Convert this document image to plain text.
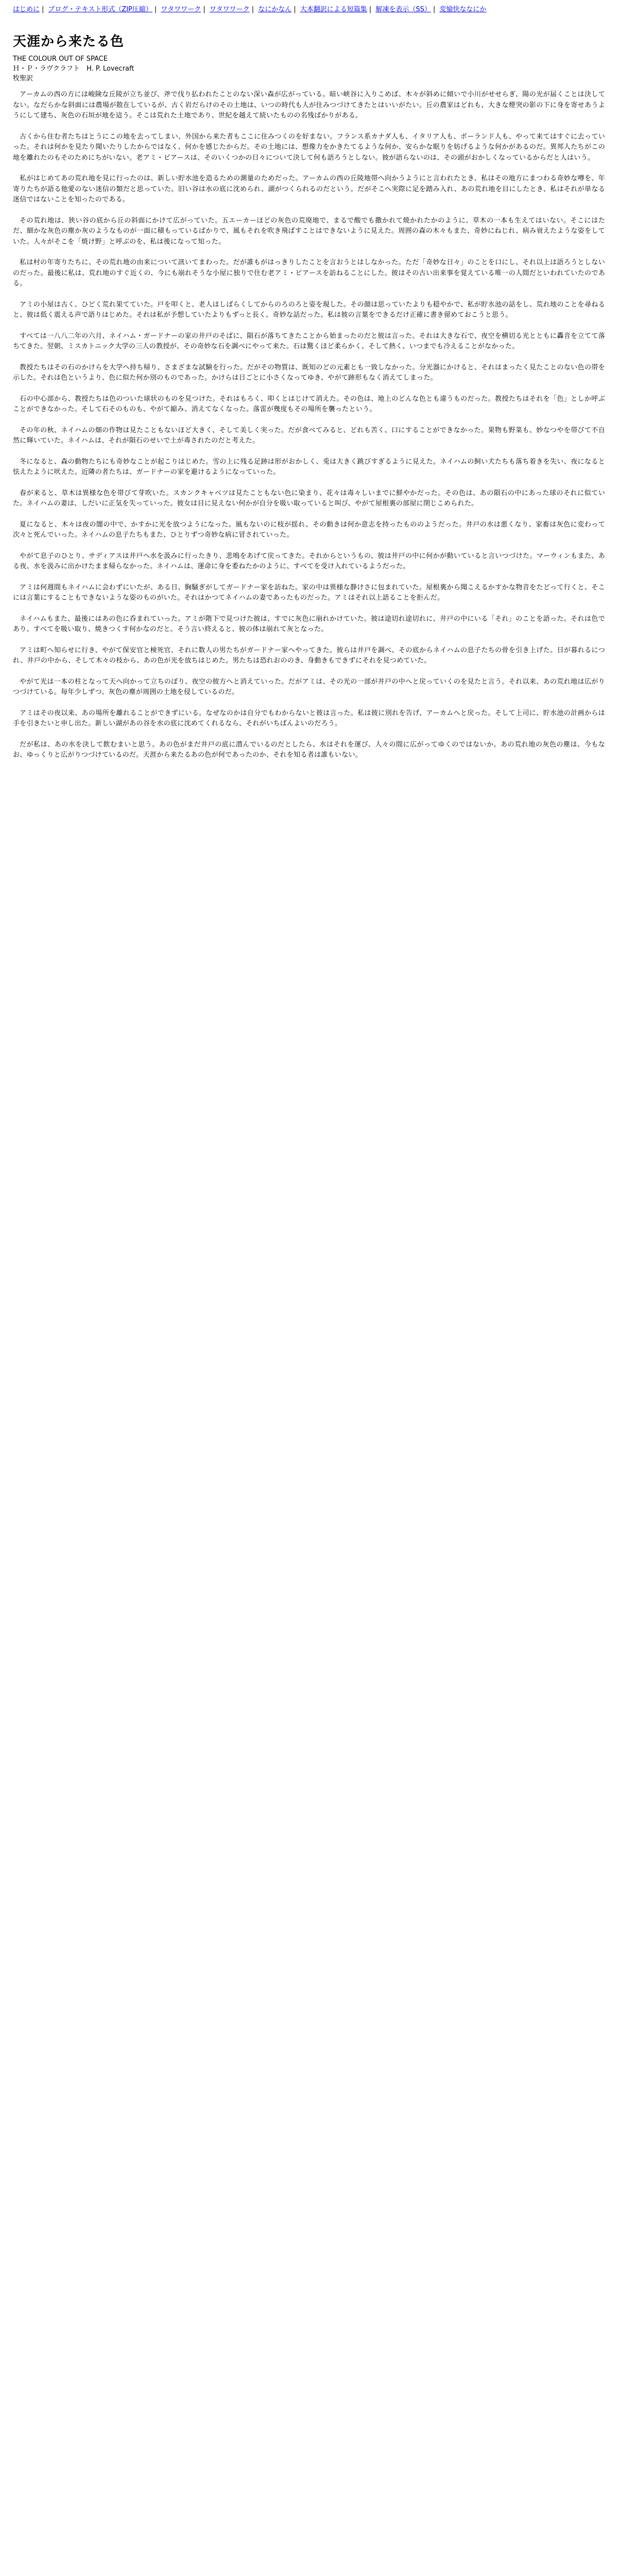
はじめに | ブログ・テキスト形式（ZIP圧縮） | ワタワワーク | ワタワワーク | なにかなん | 大本翻訳による短篇集 | 解凍を表示（SS） | 変愉快ななにか
天涯から来たる色
THE COLOUR OUT OF SPACE
Ｈ・Ｐ・ラヴクラフト　H. P. Lovecraft
牧聖訳

アーカムの西の方には峻険な丘陵が立ち並び、斧で伐り払われたことのない深い森が広がっている。暗い峡谷に入りこめば、木々が斜めに傾いで小川がせせらぎ、陽の光が届くことは決してない。なだらかな斜面には農場が散在しているが、古く岩だらけのその土地は、いつの時代も人が住みつづけてきたとはいいがたい。丘の農家はどれも、大きな煙突の影の下に身を寄せあうようにして建ち、灰色の石垣が地を這う。そこは荒れた土地であり、世紀を越えて続いたものの名残ばかりがある。

古くから住む者たちはとうにこの地を去ってしまい、外国から来た者もここに住みつくのを好まない。フランス系カナダ人も、イタリア人も、ポーランド人も、やって来てはすぐに去っていった。それは何かを見たり聞いたりしたからではなく、何かを感じたからだ。その土地には、想像力をかきたてるような何か、安らかな眠りを妨げるような何かがあるのだ。異邦人たちがこの地を離れたのもそのためにちがいない。老アミ・ピアースは、そのいくつかの日々について決して何も語ろうとしない。彼が語らないのは、その頭がおかしくなっているからだと人はいう。

私がはじめてあの荒れ地を見に行ったのは、新しい貯水池を造るための測量のためだった。アーカムの西の丘陵地帯へ向かうようにと言われたとき、私はその地方にまつわる奇妙な噂を、年寄りたちが語る他愛のない迷信の類だと思っていた。旧い谷は水の底に沈められ、湖がつくられるのだという。だがそこへ実際に足を踏み入れ、あの荒れ地を目にしたとき、私はそれが単なる迷信ではないことを知ったのである。

その荒れ地は、狭い谷の底から丘の斜面にかけて広がっていた。五エーカーほどの灰色の荒廃地で、まるで酸でも撒かれて焼かれたかのように、草木の一本も生えてはいない。そこにはただ、細かな灰色の塵か灰のようなものが一面に積もっているばかりで、風もそれを吹き飛ばすことはできないように見えた。周囲の森の木々もまた、奇妙にねじれ、病み衰えたような姿をしていた。人々がそこを「焼け野」と呼ぶのを、私は後になって知った。

私は村の年寄りたちに、その荒れ地の由来について訊いてまわった。だが誰もがはっきりしたことを言おうとはしなかった。ただ「奇妙な日々」のことを口にし、それ以上は語ろうとしないのだった。最後に私は、荒れ地のすぐ近くの、今にも崩れそうな小屋に独りで住む老アミ・ピアースを訪ねることにした。彼はその古い出来事を覚えている唯一の人間だといわれていたのである。

アミの小屋は古く、ひどく荒れ果てていた。戸を叩くと、老人はしばらくしてからのろのろと姿を現した。その顔は思っていたよりも穏やかで、私が貯水池の話をし、荒れ地のことを尋ねると、彼は低く震える声で語りはじめた。それは私が予想していたよりもずっと長く、奇妙な話だった。私は彼の言葉をできるだけ正確に書き留めておこうと思う。

すべては一八八二年の六月、ネイハム・ガードナーの家の井戸のそばに、隕石が落ちてきたことから始まったのだと彼は言った。それは大きな石で、夜空を横切る光とともに轟音を立てて落ちてきた。翌朝、ミスカトニック大学の三人の教授が、その奇妙な石を調べにやって来た。石は驚くほど柔らかく、そして熱く、いつまでも冷えることがなかった。

教授たちはその石のかけらを大学へ持ち帰り、さまざまな試験を行った。だがその物質は、既知のどの元素とも一致しなかった。分光器にかけると、それはまったく見たことのない色の帯を示した。それは色というより、色に似た何か別のものであった。かけらは日ごとに小さくなってゆき、やがて跡形もなく消えてしまった。

石の中心部から、教授たちは色のついた球状のものを見つけた。それはもろく、叩くとはじけて消えた。その色は、地上のどんな色とも違うものだった。教授たちはそれを「色」としか呼ぶことができなかった。そして石そのものも、やがて縮み、消えてなくなった。落雷が幾度もその場所を襲ったという。

その年の秋、ネイハムの畑の作物は見たこともないほど大きく、そして美しく実った。だが食べてみると、どれも苦く、口にすることができなかった。果物も野菜も、妙なつやを帯びて不自然に輝いていた。ネイハムは、それが隕石のせいで土が毒されたのだと考えた。

冬になると、森の動物たちにも奇妙なことが起こりはじめた。雪の上に残る足跡は形がおかしく、兎は大きく跳びすぎるように見えた。ネイハムの飼い犬たちも落ち着きを失い、夜になると怯えたように吠えた。近隣の者たちは、ガードナーの家を避けるようになっていった。

春が来ると、草木は異様な色を帯びて芽吹いた。スカンクキャベツは見たこともない色に染まり、花々は毒々しいまでに鮮やかだった。その色は、あの隕石の中にあった球のそれに似ていた。ネイハムの妻は、しだいに正気を失っていった。彼女は目に見えない何かが自分を吸い取っていると叫び、やがて屋根裏の部屋に閉じこめられた。

夏になると、木々は夜の闇の中で、かすかに光を放つようになった。風もないのに枝が揺れ、その動きは何か意志を持ったもののようだった。井戸の水は悪くなり、家畜は灰色に変わって次々と死んでいった。ネイハムの息子たちもまた、ひとりずつ奇妙な病に冒されていった。

やがて息子のひとり、サディアスは井戸へ水を汲みに行ったきり、悲鳴をあげて戻ってきた。それからというもの、彼は井戸の中に何かが動いていると言いつづけた。マーウィンもまた、ある夜、水を汲みに出かけたまま帰らなかった。ネイハムは、運命に身を委ねたかのように、すべてを受け入れているようだった。

アミは何週間もネイハムに会わずにいたが、ある日、胸騒ぎがしてガードナー家を訪ねた。家の中は異様な静けさに包まれていた。屋根裏から聞こえるかすかな物音をたどって行くと、そこには言葉にすることもできないような姿のものがいた。それはかつてネイハムの妻であったものだった。アミはそれ以上語ることを拒んだ。

ネイハムもまた、最後にはあの色に呑まれていった。アミが階下で見つけた彼は、すでに灰色に崩れかけていた。彼は途切れ途切れに、井戸の中にいる「それ」のことを語った。それは色であり、すべてを吸い取り、焼きつくす何かなのだと。そう言い終えると、彼の体は崩れて灰となった。

アミは町へ知らせに行き、やがて保安官と検死官、それに数人の男たちがガードナー家へやってきた。彼らは井戸を調べ、その底からネイハムの息子たちの骨を引き上げた。日が暮れるにつれ、井戸の中から、そして木々の枝から、あの色が光を放ちはじめた。男たちは恐れおののき、身動きもできずにそれを見つめていた。

やがて光は一本の柱となって天へ向かって立ちのぼり、夜空の彼方へと消えていった。だがアミは、その光の一部が井戸の中へと戻っていくのを見たと言う。それ以来、あの荒れ地は広がりつづけている。毎年少しずつ、灰色の塵が周囲の土地を侵しているのだ。

アミはその夜以来、あの場所を離れることができずにいる。なぜなのかは自分でもわからないと彼は言った。私は彼に別れを告げ、アーカムへと戻った。そして上司に、貯水池の計画からは手を引きたいと申し出た。新しい湖があの谷を水の底に沈めてくれるなら、それがいちばんよいのだろう。

だが私は、あの水を決して飲むまいと思う。あの色がまだ井戸の底に潜んでいるのだとしたら、水はそれを運び、人々の間に広がってゆくのではないか。あの荒れ地の灰色の塵は、今もなお、ゆっくりと広がりつづけているのだ。天涯から来たるあの色が何であったのか、それを知る者は誰もいない。
